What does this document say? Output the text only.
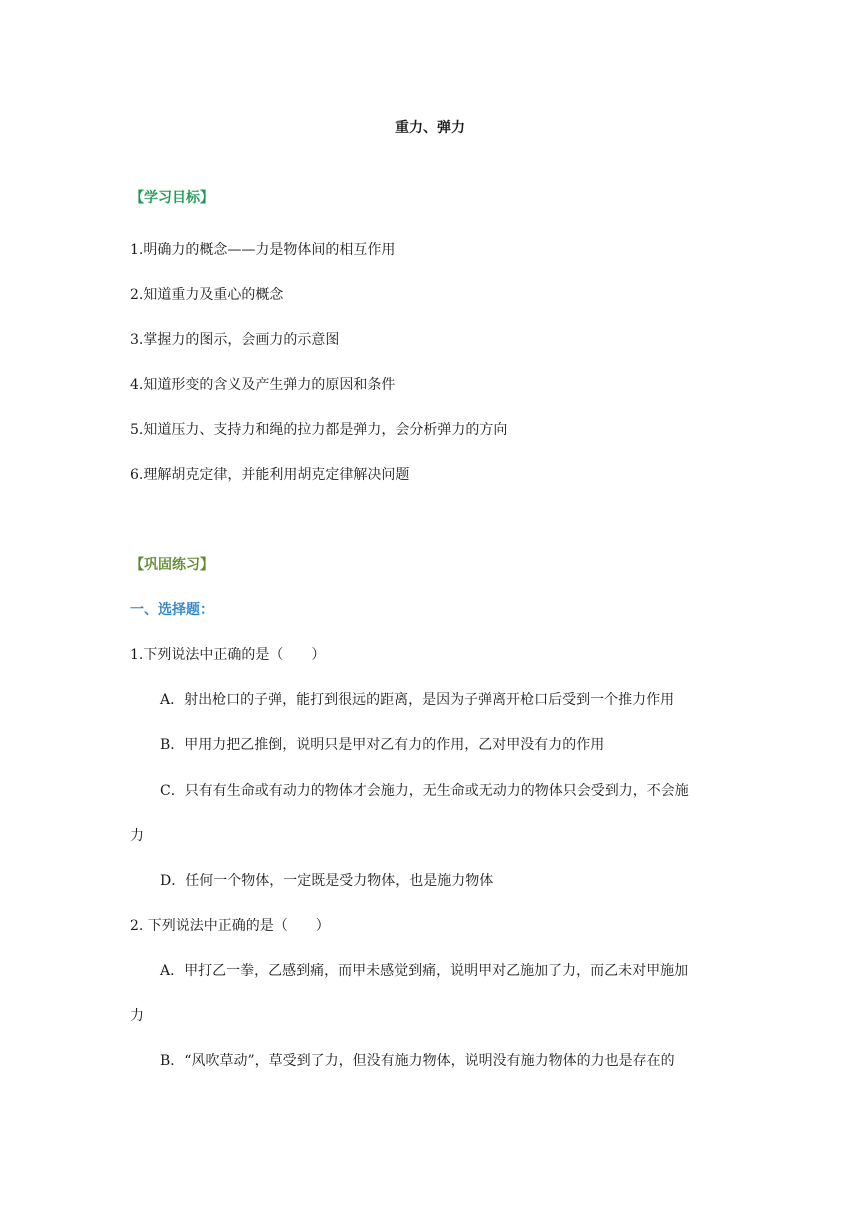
重力、弹力
【学习目标】
1.明确力的概念——力是物体间的相互作用
2.知道重力及重心的概念
3.掌握力的图示，会画力的示意图
4.知道形变的含义及产生弹力的原因和条件
5.知道压力、支持力和绳的拉力都是弹力，会分析弹力的方向
6.理解胡克定律，并能利用胡克定律解决问题
【巩固练习】
一、选择题：
1.下列说法中正确的是（　　）
A．射出枪口的子弹，能打到很远的距离，是因为子弹离开枪口后受到一个推力作用
B．甲用力把乙推倒，说明只是甲对乙有力的作用，乙对甲没有力的作用
C．只有有生命或有动力的物体才会施力，无生命或无动力的物体只会受到力，不会施
力
D．任何一个物体，一定既是受力物体，也是施力物体
2. 下列说法中正确的是（　　）
A．甲打乙一拳，乙感到痛，而甲未感觉到痛，说明甲对乙施加了力，而乙未对甲施加
力
B．“风吹草动”，草受到了力，但没有施力物体，说明没有施力物体的力也是存在的
